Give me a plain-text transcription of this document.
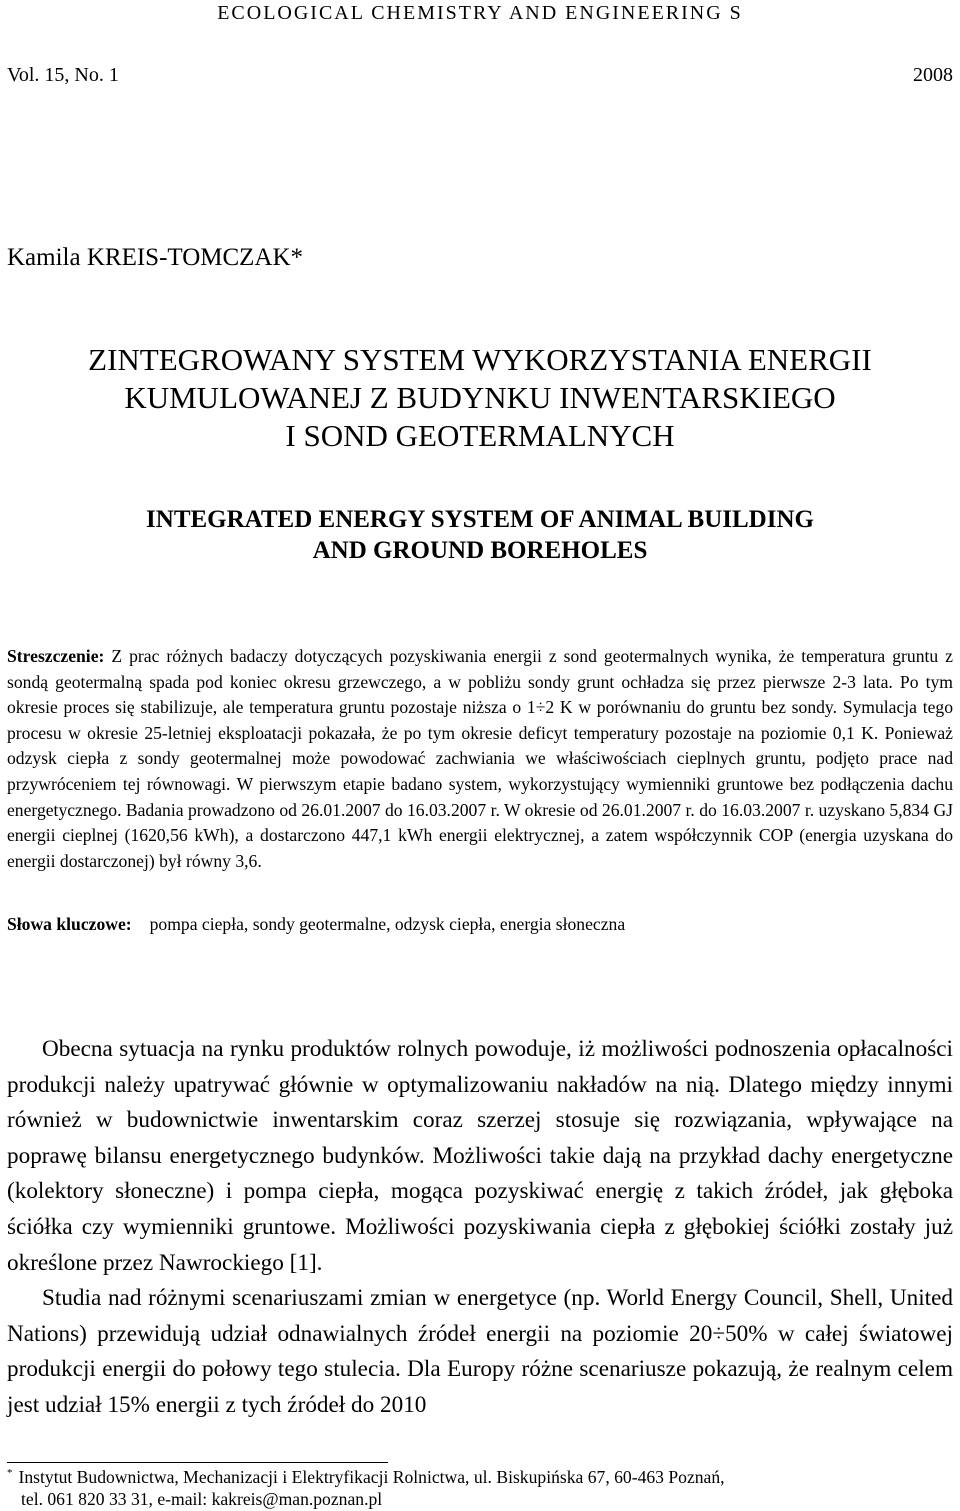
ECOLOGICAL CHEMISTRY AND ENGINEERING S

Vol. 15, No. 1	2008

Kamila KREIS-TOMCZAK*

ZINTEGROWANY SYSTEM WYKORZYSTANIA ENERGII
KUMULOWANEJ Z BUDYNKU INWENTARSKIEGO
I SOND GEOTERMALNYCH
INTEGRATED ENERGY SYSTEM OF ANIMAL BUILDING
AND GROUND BOREHOLES

Streszczenie: Z prac różnych badaczy dotyczących pozyskiwania energii z sond geotermalnych wynika, że temperatura gruntu z sondą geotermalną spada pod koniec okresu grzewczego, a w pobliżu sondy grunt ochładza się przez pierwsze 2-3 lata. Po tym okresie proces się stabilizuje, ale temperatura gruntu pozostaje niższa o 1÷2 K w porównaniu do gruntu bez sondy. Symulacja tego procesu w okresie 25-letniej eksploatacji pokazała, że po tym okresie deficyt temperatury pozostaje na poziomie 0,1 K. Ponieważ odzysk ciepła z sondy geotermalnej może powodować zachwiania we właściwościach cieplnych gruntu, podjęto prace nad przywróceniem tej równowagi. W pierwszym etapie badano system, wykorzystujący wymienniki gruntowe bez podłączenia dachu energetycznego. Badania prowadzono od 26.01.2007 do 16.03.2007 r. W okresie od 26.01.2007 r. do 16.03.2007 r. uzyskano 5,834 GJ energii cieplnej (1620,56 kWh), a dostarczono 447,1 kWh energii elektrycznej, a zatem współczynnik COP (energia uzyskana do energii dostarczonej) był równy 3,6.

Słowa kluczowe: pompa ciepła, sondy geotermalne, odzysk ciepła, energia słoneczna

Obecna sytuacja na rynku produktów rolnych powoduje, iż możliwości podnoszenia opłacalności produkcji należy upatrywać głównie w optymalizowaniu nakładów na nią. Dlatego między innymi również w budownictwie inwentarskim coraz szerzej stosuje się rozwiązania, wpływające na poprawę bilansu energetycznego budynków. Możliwości takie dają na przykład dachy energetyczne (kolektory słoneczne) i pompa ciepła, mogąca pozyskiwać energię z takich źródeł, jak głęboka ściółka czy wymienniki gruntowe. Możliwości pozyskiwania ciepła z głębokiej ściółki zostały już określone przez Nawrockiego [1].

Studia nad różnymi scenariuszami zmian w energetyce (np. World Energy Council, Shell, United Nations) przewidują udział odnawialnych źródeł energii na poziomie 20÷50% w całej światowej produkcji energii do połowy tego stulecia. Dla Europy różne scenariusze pokazują, że realnym celem jest udział 15% energii z tych źródeł do 2010

* Instytut Budownictwa, Mechanizacji i Elektryfikacji Rolnictwa, ul. Biskupińska 67, 60-463 Poznań,
tel. 061 820 33 31, e-mail: kakreis@man.poznan.pl
